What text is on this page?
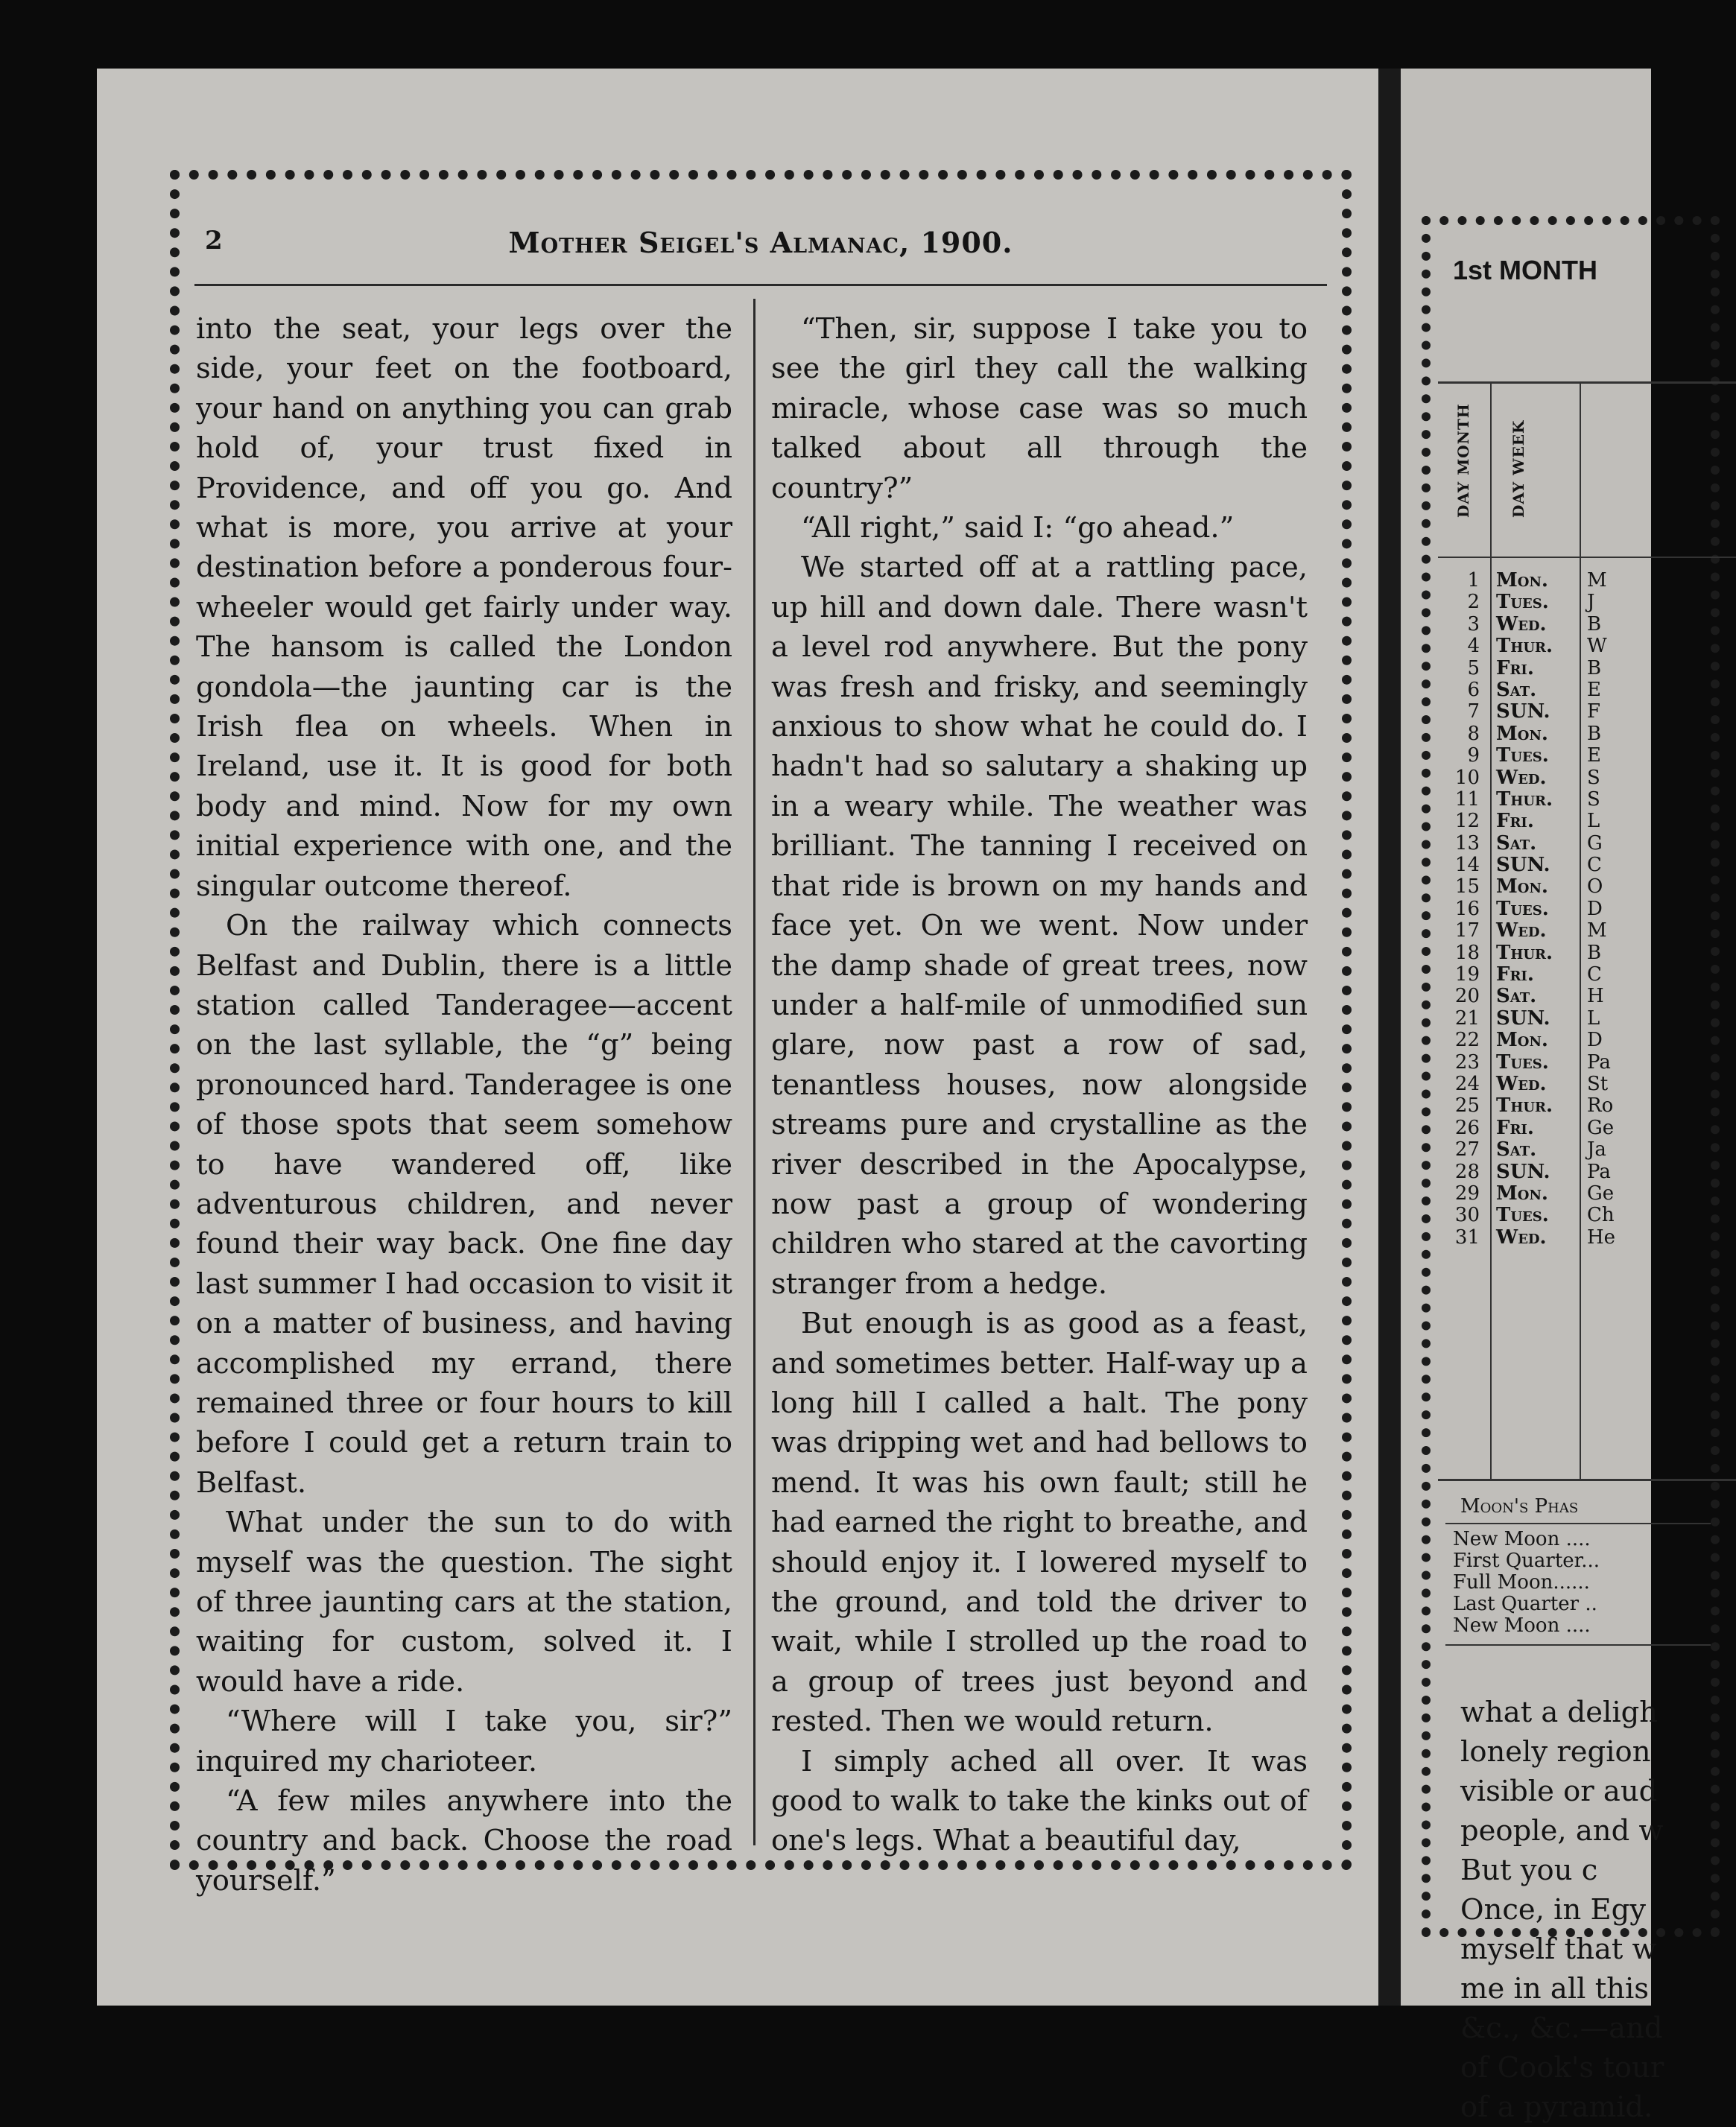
1st MONTH
DAY MONTH	DAY WEEK
1 Mon. M
2 Tues. J
3 Wed. B
4 Thur. W
5 Fri.	B
6 Sat.	E
7 SUN. F
8 Mon. B
9 Tues. E
10 Wed. S
11 Thur. S
12 Fri.	L
13 Sat.	G
14 SUN. C
15 Mon. O
16 Tues. D
17 Wed. M
18 Thur. B
19 Fri.	C
20 Sat.	H
21 SUN. L
22 Mon. D
23 Tues. Pa
24 Wed. St
25 Thur. Ro
26 Fri.	Ge
27 Sat.	Ja
28 SUN. Pa
29 Mon. Ge
30 Tues. Ch
31 Wed. He
Moon's Phas
New Moon ....
First Quarter...
Full Moon......
Last Quarter ..
New Moon ....
what a deligh
lonely region
visible or aud
people, and w
But you c
Once, in Egy
myself that w
me in all this
&c., &c.—and
of Cook's tour
of a pyramid.
2	Mother Seigel's Almanac, 1900.

into the seat, your legs over the side, your feet on the footboard, your hand on anything you can grab hold of, your trust fixed in Providence, and off you go. And what is more, you arrive at your destination before a ponderous four-wheeler would get fairly under way. The hansom is called the London gondola—the jaunting car is the Irish flea on wheels. When in Ireland, use it. It is good for both body and mind. Now for my own initial experience with one, and the singular outcome thereof.

On the railway which connects Belfast and Dublin, there is a little station called Tanderagee—accent on the last syllable, the “g” being pronounced hard. Tanderagee is one of those spots that seem somehow to have wandered off, like adventurous children, and never found their way back. One fine day last summer I had occasion to visit it on a matter of business, and having accomplished my errand, there remained three or four hours to kill before I could get a return train to Belfast.

What under the sun to do with myself was the question. The sight of three jaunting cars at the station, waiting for custom, solved it. I would have a ride.

“Where will I take you, sir?” inquired my charioteer.

“A few miles anywhere into the country and back. Choose the road yourself.”

“Then, sir, suppose I take you to see the girl they call the walking miracle, whose case was so much talked about all through the country?”

“All right,” said I: “go ahead.”

We started off at a rattling pace, up hill and down dale. There wasn't a level rod anywhere. But the pony was fresh and frisky, and seemingly anxious to show what he could do. I hadn't had so salutary a shaking up in a weary while. The weather was brilliant. The tanning I received on that ride is brown on my hands and face yet. On we went. Now under the damp shade of great trees, now under a half-mile of unmodified sun glare, now past a row of sad, tenantless houses, now alongside streams pure and crystalline as the river described in the Apocalypse, now past a group of wondering children who stared at the cavorting stranger from a hedge.

But enough is as good as a feast, and sometimes better. Half-way up a long hill I called a halt. The pony was dripping wet and had bellows to mend. It was his own fault; still he had earned the right to breathe, and should enjoy it. I lowered myself to the ground, and told the driver to wait, while I strolled up the road to a group of trees just beyond and rested. Then we would return.

I simply ached all over. It was good to walk to take the kinks out of one's legs. What a beautiful day,
